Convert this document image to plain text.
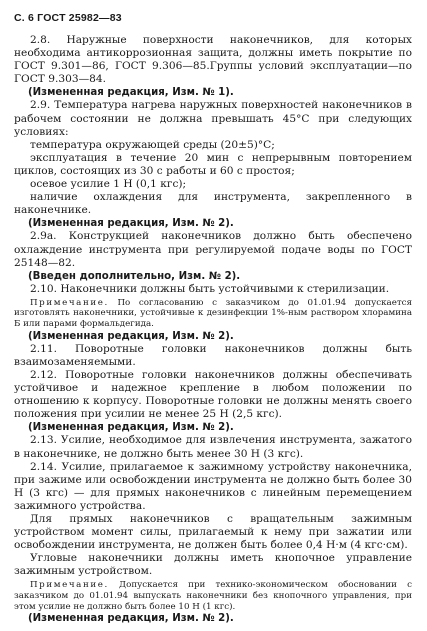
С. 6 ГОСТ 25982—83

2.8. Наружные поверхности наконечников, для которых необходима антикоррозионная защита, должны иметь покрытие по ГОСТ 9.301—86, ГОСТ 9.306—85.Группы условий эксплуатации—по ГОСТ 9.303—84.

(Измененная редакция, Изм. № 1).

2.9. Температура нагрева наружных поверхностей наконечников в рабочем состоянии не должна превышать 45°С при следующих условиях:

температура окружающей среды (20±5)°С;

эксплуатация в течение 20 мин с непрерывным повторением циклов, состоящих из 30 с работы и 60 с простоя;

осевое усилие 1 Н (0,1 кгс);

наличие охлаждения для инструмента, закрепленного в наконечнике.

(Измененная редакция, Изм. № 2).

2.9а. Конструкцией наконечников должно быть обеспечено охлаждение инструмента при регулируемой подаче воды по ГОСТ 25148—82.

(Введен дополнительно, Изм. № 2).

2.10. Наконечники должны быть устойчивыми к стерилизации.

Примечание. По согласованию с заказчиком до 01.01.94 допускается изготовлять наконечники, устойчивые к дезинфекции 1%-ным раствором хлорамина Б или парами формальдегида.

(Измененная редакция, Изм. № 2).

2.11. Поворотные головки наконечников должны быть взаимозаменяемыми.

2.12. Поворотные головки наконечников должны обеспечивать устойчивое и надежное крепление в любом положении по отношению к корпусу. Поворотные головки не должны менять своего положения при усилии не менее 25 Н (2,5 кгс).

(Измененная редакция, Изм. № 2).

2.13. Усилие, необходимое для извлечения инструмента, зажатого в наконечнике, не должно быть менее 30 Н (3 кгс).

2.14. Усилие, прилагаемое к зажимному устройству наконечника, при зажиме или освобождении инструмента не должно быть более 30 Н (3 кгс) — для прямых наконечников с линейным перемещением зажимного устройства.

Для прямых наконечников с вращательным зажимным устройством момент силы, прилагаемый к нему при зажатии или освобождении инструмента, не должен быть более 0,4 Н·м (4 кгс·см).

Угловые наконечники должны иметь кнопочное управление зажимным устройством.

Примечание. Допускается при технико-экономическом обосновании с заказчиком до 01.01.94 выпускать наконечники без кнопочного управления, при этом усилие не должно быть более 10 Н (1 кгс).

(Измененная редакция, Изм. № 2).
